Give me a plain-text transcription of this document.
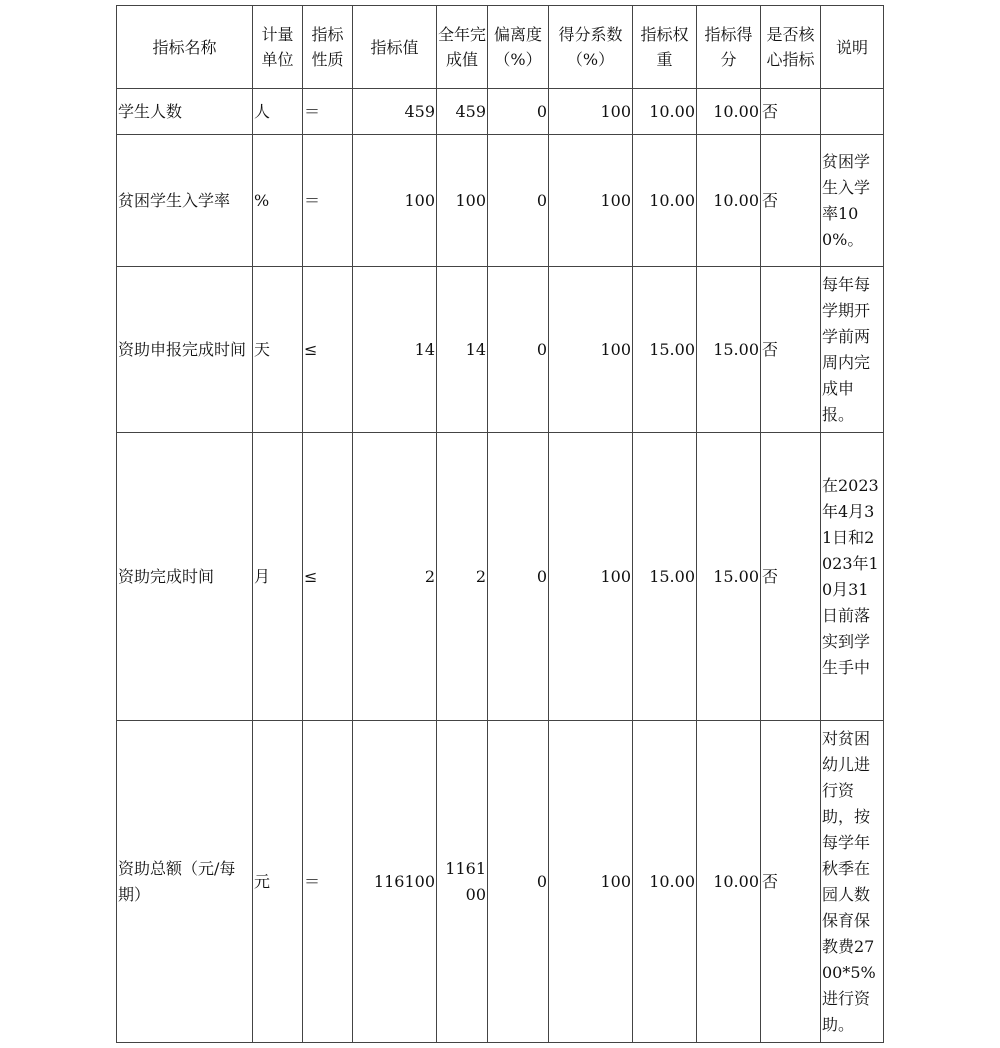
指标名称	计量单位	指标性质	指标值	全年完成值	偏离度（%）	得分系数（%）	指标权重	指标得分	是否核心指标	说明
学生人数	人	＝	459	459	0	100	10.00	10.00	否	
贫困学生入学率	%	＝	100	100	0	100	10.00	10.00	否	贫困学生入学率100%。
资助申报完成时间	天	≤	14	14	0	100	15.00	15.00	否	每年每学期开学前两周内完成申报。
资助完成时间	月	≤	2	2	0	100	15.00	15.00	否	在2023年4月31日和2023年10月31日前落实到学生手中
资助总额（元/每期）	元	＝	116100	116100	0	100	10.00	10.00	否	对贫困幼儿进行资助，按每学年秋季在园人数保育保教费2700*5%进行资助。
